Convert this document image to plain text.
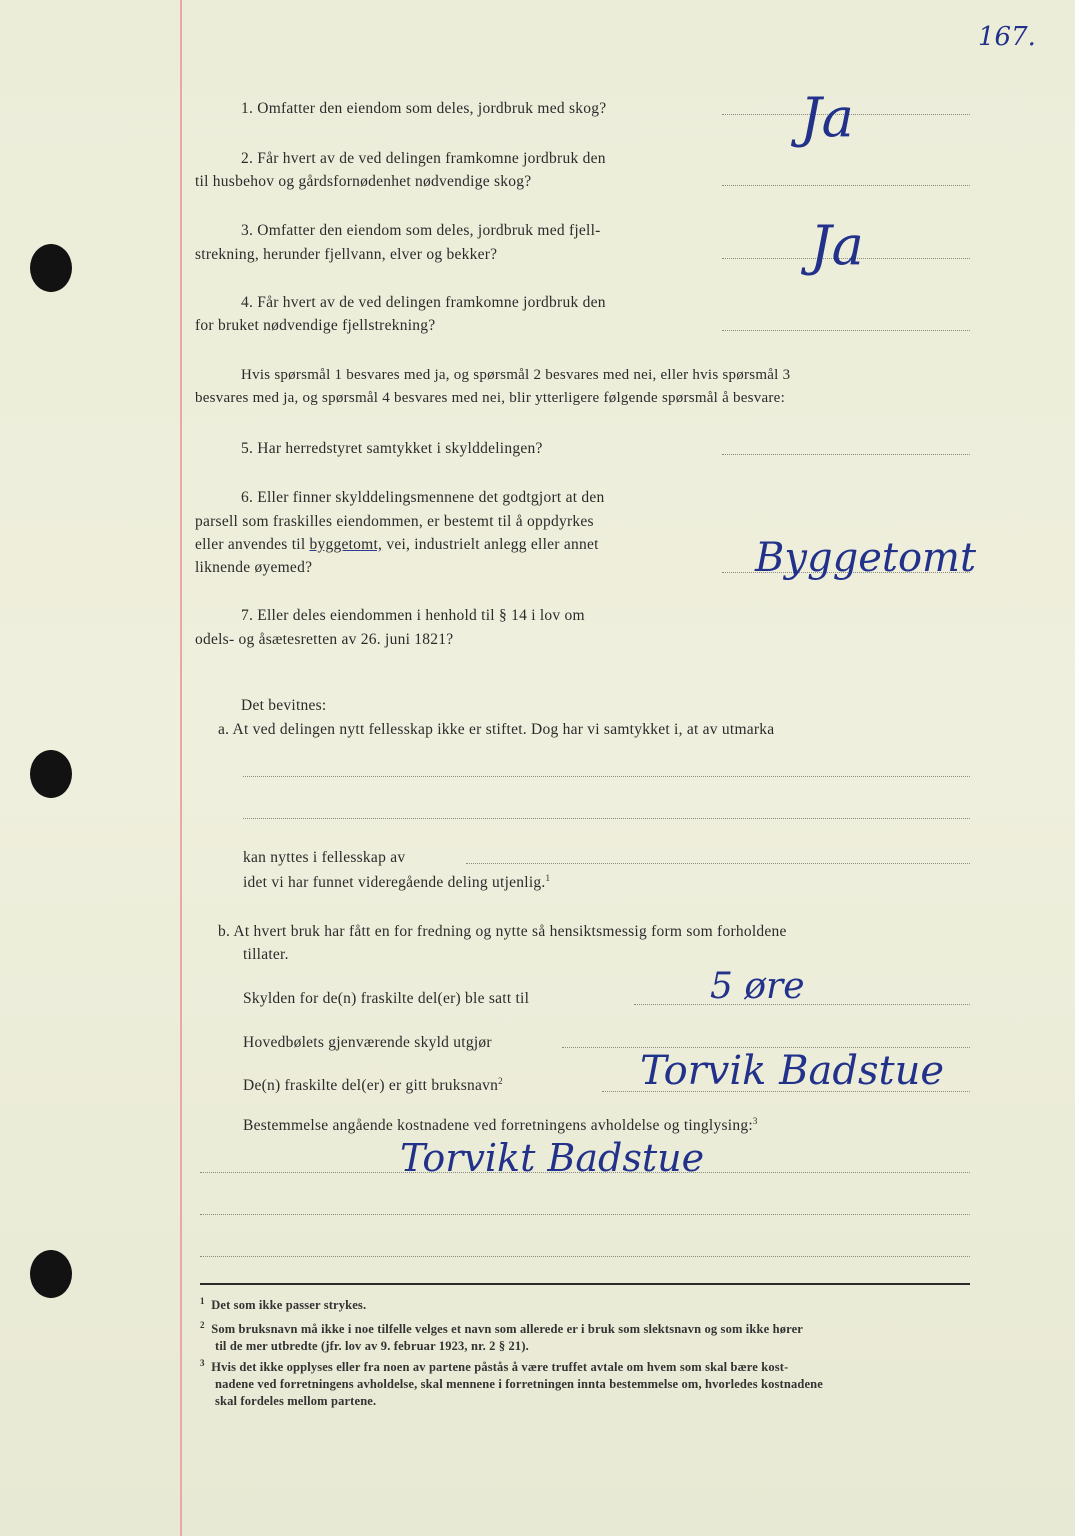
167.
1. Omfatter den eiendom som deles, jordbruk med skog?	Ja
2. Får hvert av de ved delingen framkomne jordbruk den
til husbehov og gårdsfornødenhet nødvendige skog?
3. Omfatter den eiendom som deles, jordbruk med fjell-
strekning, herunder fjellvann, elver og bekker?	Ja
4. Får hvert av de ved delingen framkomne jordbruk den
for bruket nødvendige fjellstrekning?
Hvis spørsmål 1 besvares med ja, og spørsmål 2 besvares med nei, eller hvis spørsmål 3
besvares med ja, og spørsmål 4 besvares med nei, blir ytterligere følgende spørsmål å besvare:
5. Har herredstyret samtykket i skylddelingen?
6. Eller finner skylddelingsmennene det godtgjort at den
parsell som fraskilles eiendommen, er bestemt til å oppdyrkes
eller anvendes til byggetomt, vei, industrielt anlegg eller annet
liknende øyemed?	Byggetomt
7. Eller deles eiendommen i henhold til § 14 i lov om
odels- og åsætesretten av 26. juni 1821?
Det bevitnes:
a. At ved delingen nytt fellesskap ikke er stiftet. Dog har vi samtykket i, at av utmarka
kan nyttes i fellesskap av
idet vi har funnet videregående deling utjenlig.$^1$
b. At hvert bruk har fått en for fredning og nytte så hensiktsmessig form som forholdene
tillater.
Skylden for de(n) fraskilte del(er) ble satt til	5 øre
Hovedbølets gjenværende skyld utgjør
De(n) fraskilte del(er) er gitt bruksnavn$^2$	Torvik Badstue
Bestemmelse angående kostnadene ved forretningens avholdelse og tinglysing:$^3$
Torvikt Badstue
$^1$ Det som ikke passer strykes.
$^2$ Som bruksnavn må ikke i noe tilfelle velges et navn som allerede er i bruk som slektsnavn og som ikke hører
til de mer utbredte (jfr. lov av 9. februar 1923, nr. 2 § 21).
$^3$ Hvis det ikke opplyses eller fra noen av partene påstås å være truffet avtale om hvem som skal bære kost-
nadene ved forretningens avholdelse, skal mennene i forretningen innta bestemmelse om, hvorledes kostnadene
skal fordeles mellom partene.
